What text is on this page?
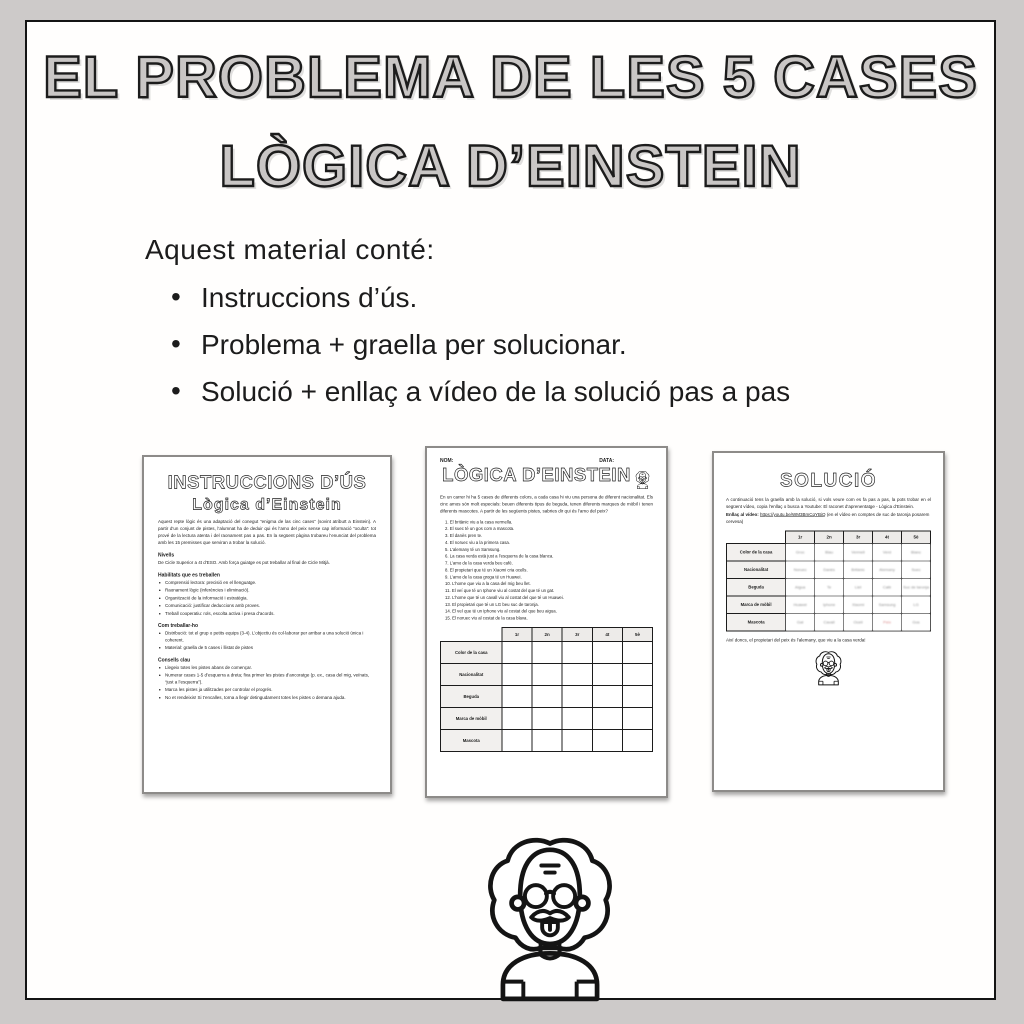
EL PROBLEMA DE LES 5 CASES
LÒGICA D’EINSTEIN
Aquest material conté:
• Instruccions d’ús.
• Problema + graella per solucionar.
• Solució + enllaç a vídeo de la solució pas a pas
INSTRUCCIONS D’ÚS
Lògica d’Einstein

Aquest repte lògic és una adaptació del conegut “enigma de las cinc cases” (sovint atribuït a Einstein). A partir d’un conjunt de pistes, l’alumnat ha de deduir qui és l’amo del peix sense cap informació “oculta”: tot prové de la lectura atenta i del raonament pas a pas. En la següent pàgina trobareu l’enunciat del problema amb les 15 premisses que serviran a trobar la solució.

Nivells

De Cicle Superior a 4t d’ESO. Amb força guiatge es pot treballar al final de Cicle Mitjà.

Habilitats que es treballen
• Comprensió lectora: precisió en el llenguatge.
• Raonament lògic (inferències i eliminació).
• Organització de la informació i estratègia.
• Comunicació: justificar deduccions amb proves.
• Treball cooperatiu: rols, escolta activa i presa d’acords.
Com treballar-ho
• Distribució: tot el grup o petits equips (3-4). L’objectiu és col·laborar per arribar a una solució única i coherent.
• Material: graella de 5 cases i llistat de pistes
Consells clau
• Llegeix totes les pistes abans de començar.
• Numerar cases 1-5 d’esquerra a dreta; fixa primer les pistes d’ancoratge (p. ex., casa del mig, veïnats, “just a l’esquerra”).
• Marca les pistes ja utilitzades per controlar el progrés.
• No et rendeixis! Si t’encalles, torna a llegir detingudament totes les pistes o demana ajuda.
NOM:	DATA:
LÒGICA D’EINSTEIN

En un carrer hi ha 5 cases de diferents colors, a cada casa hi viu una persona de diferent nacionalitat. Els cinc amos són molt especials: beuen diferents tipus de beguda, tenen diferents marques de mòbil i tenen diferents mascotes. A partir de les següents pistes, sabries dir qui és l’amo del peix?

1. El britànic viu a la casa vermella.
2. El suec té un gos com a mascota.
3. El danès pren te.
4. El noruec viu a la primera casa.
5. L’alemany té un Samsung.
6. La casa verda està just a l’esquerra de la casa blanca.
7. L’amo de la casa verda beu cafè.
8. El propietari que té un Xiaomi cria ocells.
9. L’amo de la casa groga té un Huawei.
10. L’home que viu a la casa del mig beu llet.
11. El veí que té un Iphone viu al costat del que té un gat.
12. L’home que té un cavall viu al costat del que té un Huawei.
13. El propietari que té un LG beu suc de taronja.
14. El veí que té un Iphone viu al costat del que beu aigua.
15. El noruec viu al costat de la casa blava.
	1r	2n	3r	4t	5è
Color de la casa					
Nacionalitat					
Beguda					
Marca de mòbil					
Mascota					
SOLUCIÓ

A continuació tens la graella amb la solució, si vols veure com es fa pas a pas, la pots trobar en el següent vídeo, copia l’enllaç o busca a Youtube: El raconet d’aprenentatge - Lògica d’Einstein.

Enllaç al vídeo: https://youtu.be/WM3BmCqYBiQ (en el vídeo en comptes de suc de taronja posarem cervesa)
	1r	2n	3r	4t	5è
Color de la casa	Groc	Blau	Vermell	Verd	Blanc
Nacionalitat	Noruec	Danès	Britànic	Alemany	Suec
Beguda	Aigua	Te	Llet	Cafè	Suc de taronja
Marca de mòbil	Huawei	Iphone	Xiaomi	Samsung	LG
Mascota	Gat	Cavall	Ocell	Peix	Gos

Així doncs, el propietari del peix és l’alemany, que viu a la casa verda!
